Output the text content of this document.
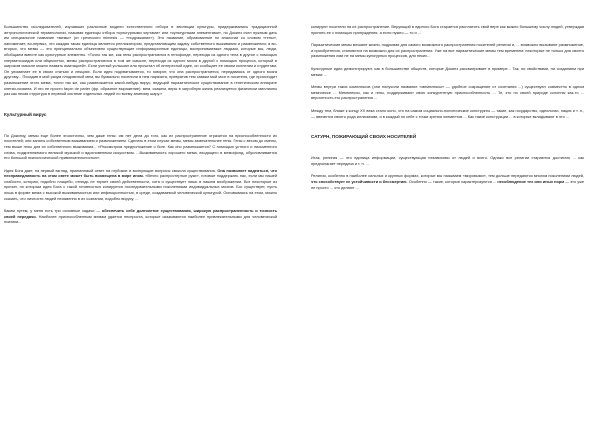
Большинство исследователей, изучавших различные модели естественного отбора в эволюции культуры, придерживались традиционной антропологической терминологии, называя единицы отбора «культурными чертами» или «культурными элементами», но Докинз счел нужным дать им специальное название «мемы» (от греческого mimesis — «подражание»). Это название, образованное по аналогии со словом «гены», напоминает, во-первых, что каждая такая единица является репликатором, представляющим задачу собственного выживания и размножения; а во-вторых, что мемы — это принципиально объективно существующие информационные единицы, воспринимаемые людьми, которые мы, люди, обобщаем вместе как культурные элементы. «Точно так же, как гены распространяются в генофонде, переходя из одного тела в другое с помощью сперматозоидов или яйцеклеток, мемы распространяются в том же смысле, переходя из одного мозга в другой с помощью процесса, который в широком смысле можно назвать имитацией». Если ученый услышал или прочитал об интересной идее, он сообщает ее своим коллегам и студентам. Он упоминает ее в своих статьях и лекциях. Если идея подхватывается, то говорят, что она распространяется, передаваясь от одного мозга другому... Посадив в мой разум плодовитый мем, вы буквально поселили в нем паразита, превратив тем самым мой мозг в носителя, где происходит размножение этого мема, точно так же, как размножается какой-нибудь вирус, ведущий паразитическое существование в генетическом аппарате клетки-хозяина. И это не просто façon de parler (фр. образное выражение): мем, скажем, веры в загробную жизнь реализуется физически миллионы раз как некая структура в нервной системе отдельных людей по всему земному шару.»

Культурный вирус

По Докинзу, мемы еще более эгоистичны, чем даже гены: им нет дела до того, как их распространение отразится на приспособленности их носителей; они заняты собственным выживанием и размножением. Сделать в этом случае мемы, мемы замечательнее гены. Гены с весом до смены, тем выше гены для их собственного выживания... «Рассмотрим предположение о боге. Как оно размножается? С помощью устного и письменного слова, подкрепляемого великой музыкой и вдохновенным искусством. ...Выживаемость хорошего мема, входящего в мемофонд, обусловливается его большой психологической привлекательностью».

Идея Бога дает, на первый взгляд, приемлемый ответ на глубокие и волнующие вопросы смысла существования. Она позволяет надеяться, что несправедливость на этом свете может быть возмещена в мире ином. «Вечно распростертые руки», готовые поддержать нас, если мы нашей слабости, которая, подобно плацебо, отнюдь не теряет своей действенности, хотя и существует лишь в нашем воображении. Вот некоторые из причин, по которым идея Бога с такой готовностью копируется последовательными поколениями индивидуальных мозгов. Бог существует, пусть лишь в форме мема с высокой выживаемостью или инфекционностью, в среде, создаваемой человеческой культурой. Основываясь на этом, можно сказать, что личности людей неизменно в их сознании, подобно вирусу, ...

Каким путем, у меня есть три основные задачи — обеспечить себе долголетие существования, широкую распространенность и точность своей передачи. Наиболее приспособленным мемам удается неспроста, которые оказываются наиболее привлекательными для человеческой психики...

копируют носители на их распространение. Верующий в единого Бога старается расплатить свой вере как можно большему числу людей, утверждая принять ее с помощью принуждения, а если нужно — то и ...

Паразитические мемы мешают жизни, подрывая для самого возможного распространения носителей религии и, ... возможно вызывают размножение, и приобретения, становится на возможно для их распространения. Уже на все паразитические мемы тем временем: некоторые не только для своего размножения ими не на мемы культурных процессов, для неких...

Культурные идеи демонстрируют, как в большинстве обществ, которые Докинз рассматривает в примере... Так, ни свойствами, ни созданием при мемах ...

Мемы внутри таких комплексов (они получили название «мемплексы» — удобное сокращение от сочетания ...) существуют совместно в одном мемплексе ... Мемплексы, как и гены, поддерживают свою конкурентную приспособленность ... Те, кто по своей природе склонны как-то ... вероятность его распространения ...

Между тем, ближе к концу XX века стало ясно, что на самом социально-политические конструкты — такие, как государство, идеологии, нация и т. п., — являются своего рода иллюзиями, и в каждый по себе с точки зрения элементов ... Как такие конструкции ... в которые вкладывают в это ...

САТУРН, ПОЖИРАЮЩИЙ СВОИХ НОСИТЕЛЕЙ

Итак, религия — это единица информации, существующая независимо от людей и всего. Однако все религии стараются достигать ... как предполагает передача и т. п. ...

Религия, особенно в наиболее сильных и крупных формах, которые мы называем «мировыми», тем дольше передаются многим поколениям людей, что способствует ее устойчивости и бессмертию. Особенно — такие, которые характеризуются ... несоблюдение тех или иных норм — это уже не просто ... что делают ...
